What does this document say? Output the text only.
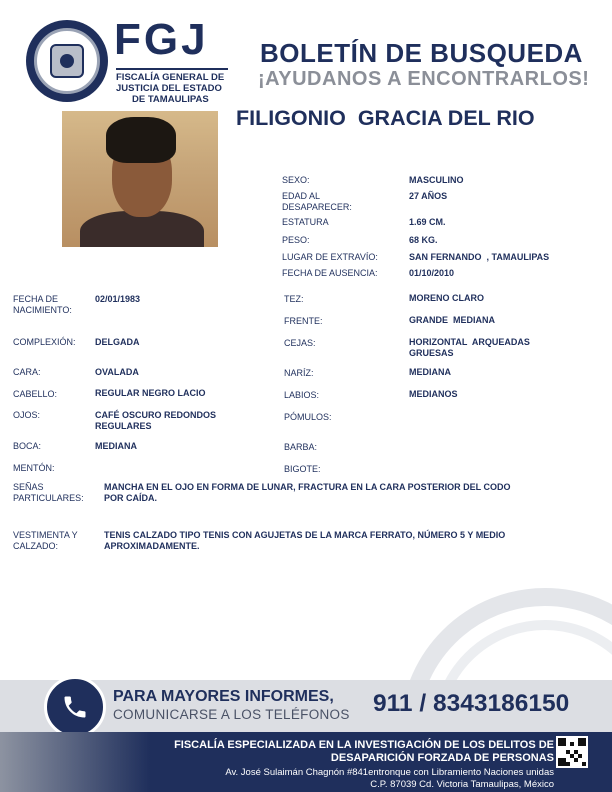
FGJ
FISCALÍA GENERAL DE
JUSTICIA DEL ESTADO
DE TAMAULIPAS
BOLETÍN DE BUSQUEDA
¡AYUDANOS A ENCONTRARLOS!
FILIGONIO  GRACIA DEL RIO
SEXO:	MASCULINO
EDAD AL
DESAPARECER:
27 AÑOS
ESTATURA	1.69 CM.
PESO:	68 KG.
LUGAR DE EXTRAVÍO:	SAN FERNANDO  , TAMAULIPAS
FECHA DE AUSENCIA:	01/10/2010
FECHA DE
NACIMIENTO:
02/01/1983
COMPLEXIÓN: DELGADA
CARA:	OVALADA
CABELLO:	REGULAR NEGRO LACIO
OJOS:	CAFÉ OSCURO REDONDOS
REGULARES
BOCA:	MEDIANA
MENTÓN:
TEZ:	MORENO CLARO
FRENTE:	GRANDE  MEDIANA
CEJAS:	HORIZONTAL  ARQUEADAS
GRUESAS
NARÍZ:	MEDIANA
LABIOS:	MEDIANOS
PÓMULOS:
BARBA:
BIGOTE:
SEÑAS
PARTICULARES:
MANCHA EN EL OJO EN FORMA DE LUNAR, FRACTURA EN LA CARA POSTERIOR DEL CODO
POR CAÍDA.
VESTIMENTA Y
CALZADO:
TENIS CALZADO TIPO TENIS CON AGUJETAS DE LA MARCA FERRATO, NÚMERO 5 Y MEDIO
APROXIMADAMENTE.
PARA MAYORES INFORMES,
COMUNICARSE A LOS TELÉFONOS 911 / 8343186150
FISCALÍA ESPECIALIZADA EN LA INVESTIGACIÓN DE LOS DELITOS DE
DESAPARICIÓN FORZADA DE PERSONAS
Av. José Sulaimán Chagnón #841entronque con Libramiento Naciones unidas
C.P. 87039 Cd. Victoria Tamaulipas, México
